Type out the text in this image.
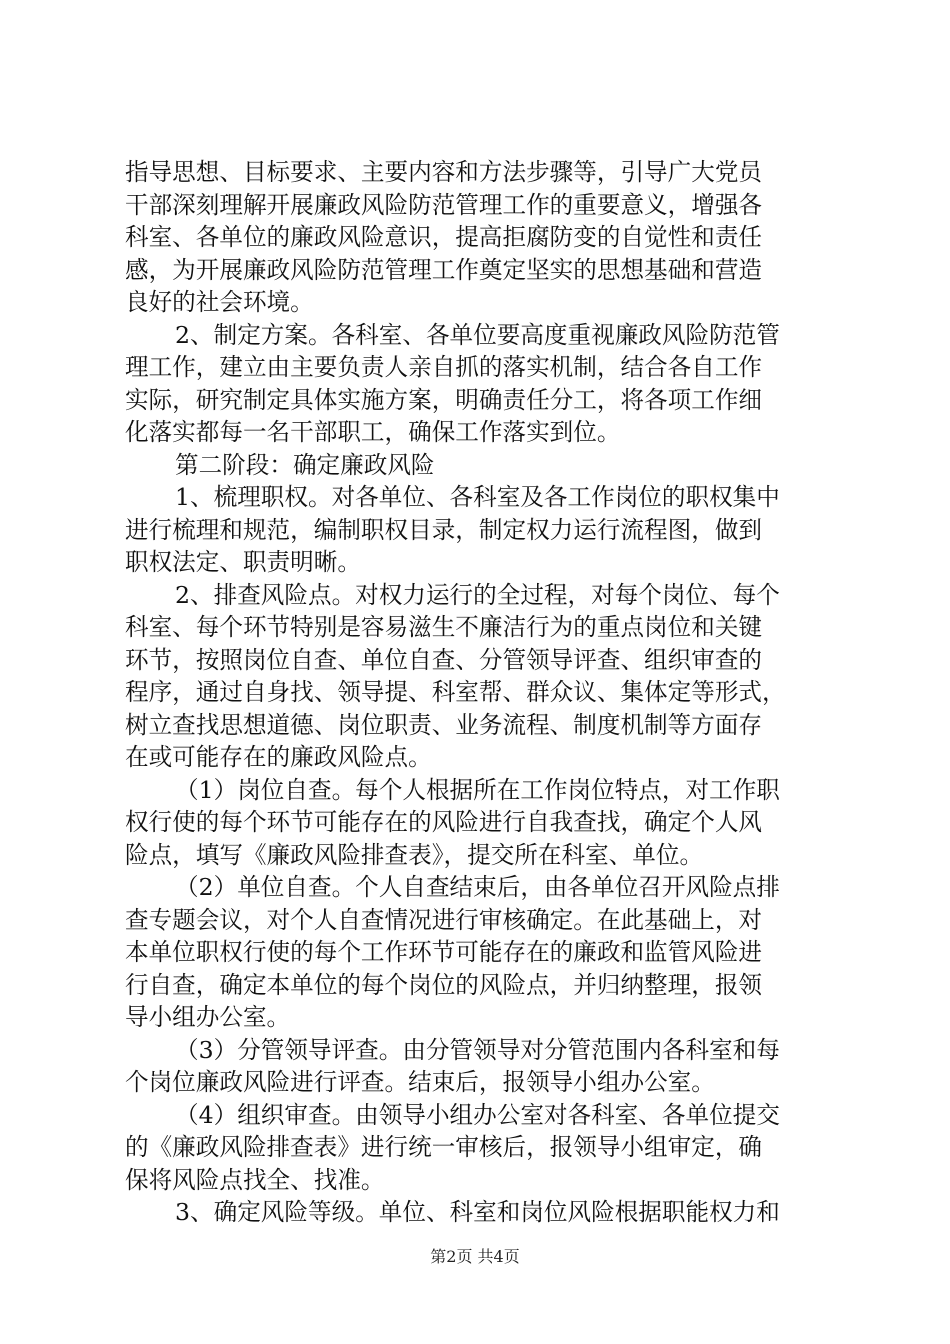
指导思想、目标要求、主要内容和方法步骤等，引导广大党员
干部深刻理解开展廉政风险防范管理工作的重要意义，增强各
科室、各单位的廉政风险意识，提高拒腐防变的自觉性和责任
感，为开展廉政风险防范管理工作奠定坚实的思想基础和营造
良好的社会环境。
2、制定方案。各科室、各单位要高度重视廉政风险防范管
理工作，建立由主要负责人亲自抓的落实机制，结合各自工作
实际，研究制定具体实施方案，明确责任分工，将各项工作细
化落实都每一名干部职工，确保工作落实到位。
第二阶段：确定廉政风险
1、梳理职权。对各单位、各科室及各工作岗位的职权集中
进行梳理和规范，编制职权目录，制定权力运行流程图，做到
职权法定、职责明晰。
2、排查风险点。对权力运行的全过程，对每个岗位、每个
科室、每个环节特别是容易滋生不廉洁行为的重点岗位和关键
环节，按照岗位自查、单位自查、分管领导评查、组织审查的
程序，通过自身找、领导提、科室帮、群众议、集体定等形式，
树立查找思想道德、岗位职责、业务流程、制度机制等方面存
在或可能存在的廉政风险点。
（1）岗位自查。每个人根据所在工作岗位特点，对工作职
权行使的每个环节可能存在的风险进行自我查找，确定个人风
险点，填写《廉政风险排查表》，提交所在科室、单位。
（2）单位自查。个人自查结束后，由各单位召开风险点排
查专题会议，对个人自查情况进行审核确定。在此基础上，对
本单位职权行使的每个工作环节可能存在的廉政和监管风险进
行自查，确定本单位的每个岗位的风险点，并归纳整理，报领
导小组办公室。
（3）分管领导评查。由分管领导对分管范围内各科室和每
个岗位廉政风险进行评查。结束后，报领导小组办公室。
（4）组织审查。由领导小组办公室对各科室、各单位提交
的《廉政风险排查表》进行统一审核后，报领导小组审定，确
保将风险点找全、找准。
3、确定风险等级。单位、科室和岗位风险根据职能权力和
第2页 共4页
